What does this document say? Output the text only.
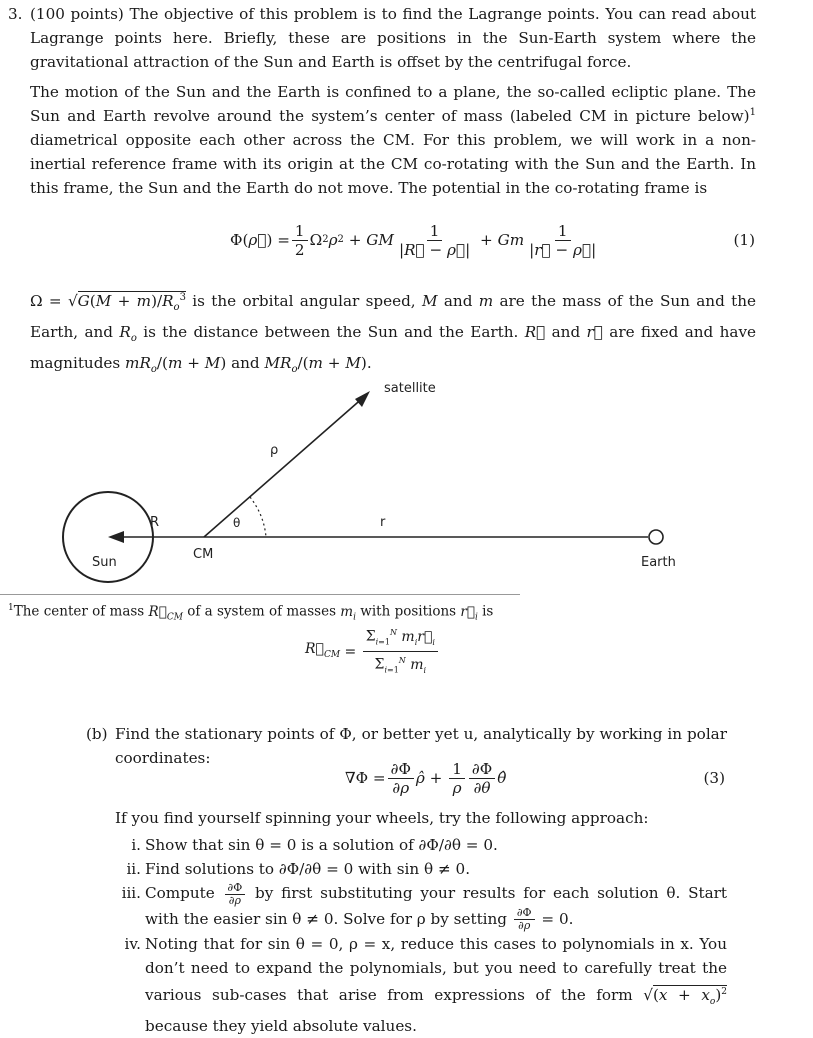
3. (100 points) The objective of this problem is to find the Lagrange points. You can read about Lagrange points here. Briefly, these are positions in the Sun-Earth system where the gravitational attraction of the Sun and Earth is offset by the centrifugal force.
The motion of the Sun and the Earth is confined to a plane, the so-called ecliptic plane. The Sun and Earth revolve around the system’s center of mass (labeled CM in picture below)$^1$ diametrical opposite each other across the CM. For this problem, we will work in a non-inertial reference frame with its origin at the CM co-rotating with the Sun and the Earth. In this frame, the Sun and the Earth do not move. The potential in the co-rotating frame is
Φ( ρ⃗ ) = $\frac{1}{2}$ Ω 2 ρ 2 + GM $\frac{1}{|R⃗ - \rho⃗|} + Gm \frac{1}{|r⃗ - \rho⃗|}$	(1)
$\Omega = √G(M + m)/R_o^3$ is the orbital angular speed, M and m are the mass of the Sun and the Earth, and $R_o$ is the distance between the Sun and the Earth. R⃗ and r⃗ are fixed and have magnitudes $mR_o/(m + M)$ and $MR_o/(m + M)$.
satellite
ρ
R	θ	r
Sun
CM
Earth
$^1$The center of mass $R⃗_{CM}$ of a system of masses $m_i$ with positions $r⃗_i$ is
$R⃗_{CM} = \frac{\Sigma_{i=1}^N m_ir⃗_i}{\Sigma_{i=1}^N m_i}$
(b) Find the stationary points of Φ, or better yet u, analytically by working in polar coordinates:
$\nabla\Phi = \frac{\partial\Phi}{\partial\rho}$ ρ̂ + $\frac{1}{\rho} \frac{\partial\Phi}{\partial\theta}$ θ̂	(3)
If you find yourself spinning your wheels, try the following approach:
i. Show that sin θ = 0 is a solution of ∂Φ/∂θ = 0.
ii. Find solutions to ∂Φ/∂θ = 0 with sin θ ≠ 0.
iii. Compute $\frac{\partial\Phi}{\partial\rho}$ by first substituting your results for each solution θ. Start with the easier sin θ ≠ 0. Solve for ρ by setting $\frac{\partial\Phi}{\partial\rho} = 0$.
iv. Noting that for sin θ = 0, ρ = x, reduce this cases to polynomials in x. You don’t need to expand the polynomials, but you need to carefully treat the various sub-cases that arise from expressions of the form $√(x + x_o)^2$ because they yield absolute values.
